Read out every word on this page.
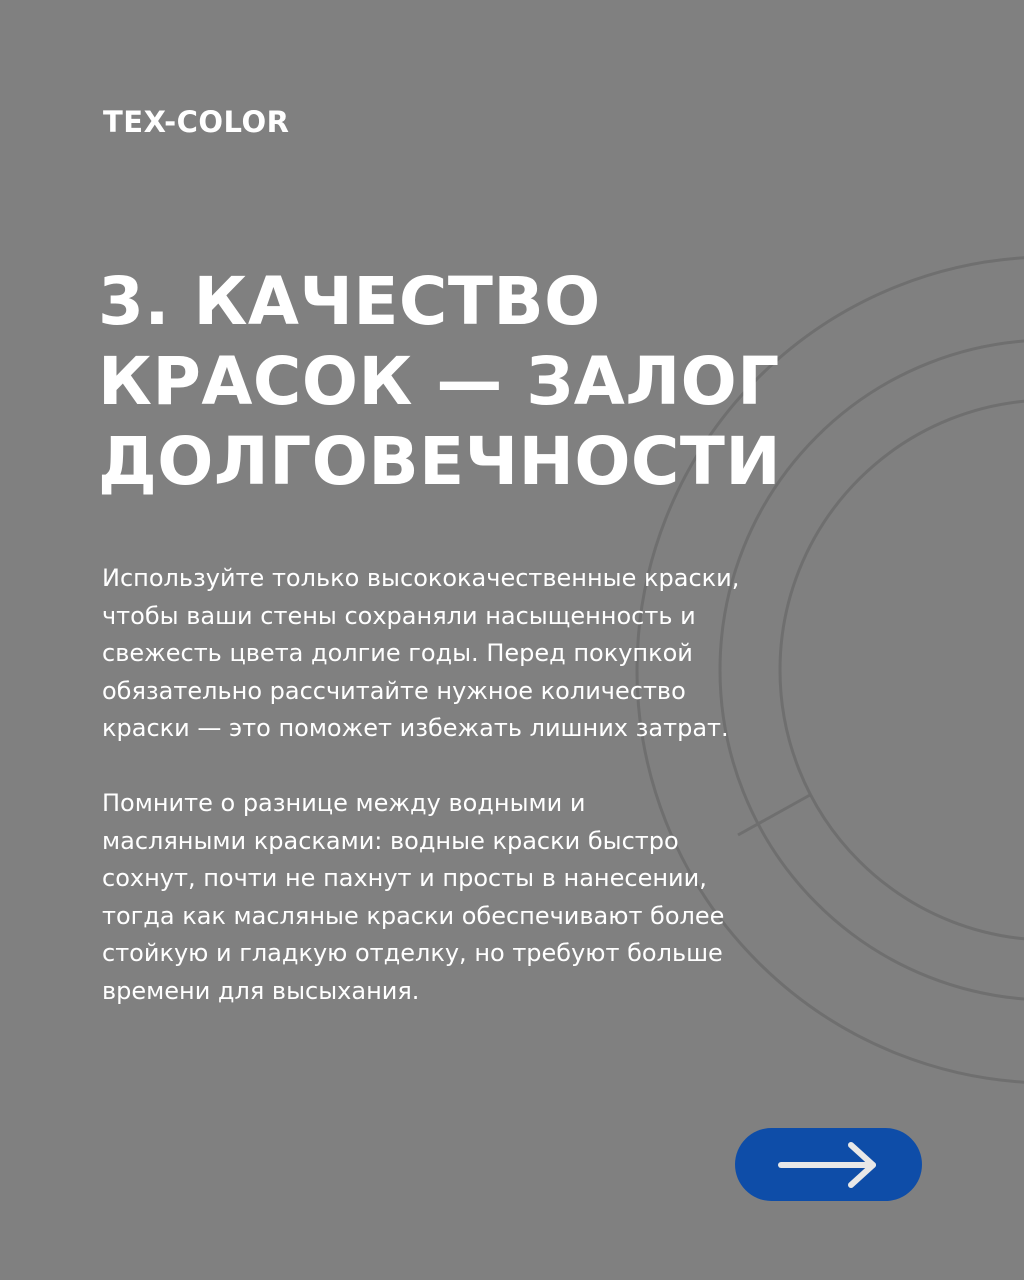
TEX-COLOR
3. КАЧЕСТВО
КРАСОК — ЗАЛОГ
ДОЛГОВЕЧНОСТИ

Используйте только высококачественные краски,
чтобы ваши стены сохраняли насыщенность и
свежесть цвета долгие годы. Перед покупкой
обязательно рассчитайте нужное количество
краски — это поможет избежать лишних затрат.

Помните о разнице между водными и
масляными красками: водные краски быстро
сохнут, почти не пахнут и просты в нанесении,
тогда как масляные краски обеспечивают более
стойкую и гладкую отделку, но требуют больше
времени для высыхания.
